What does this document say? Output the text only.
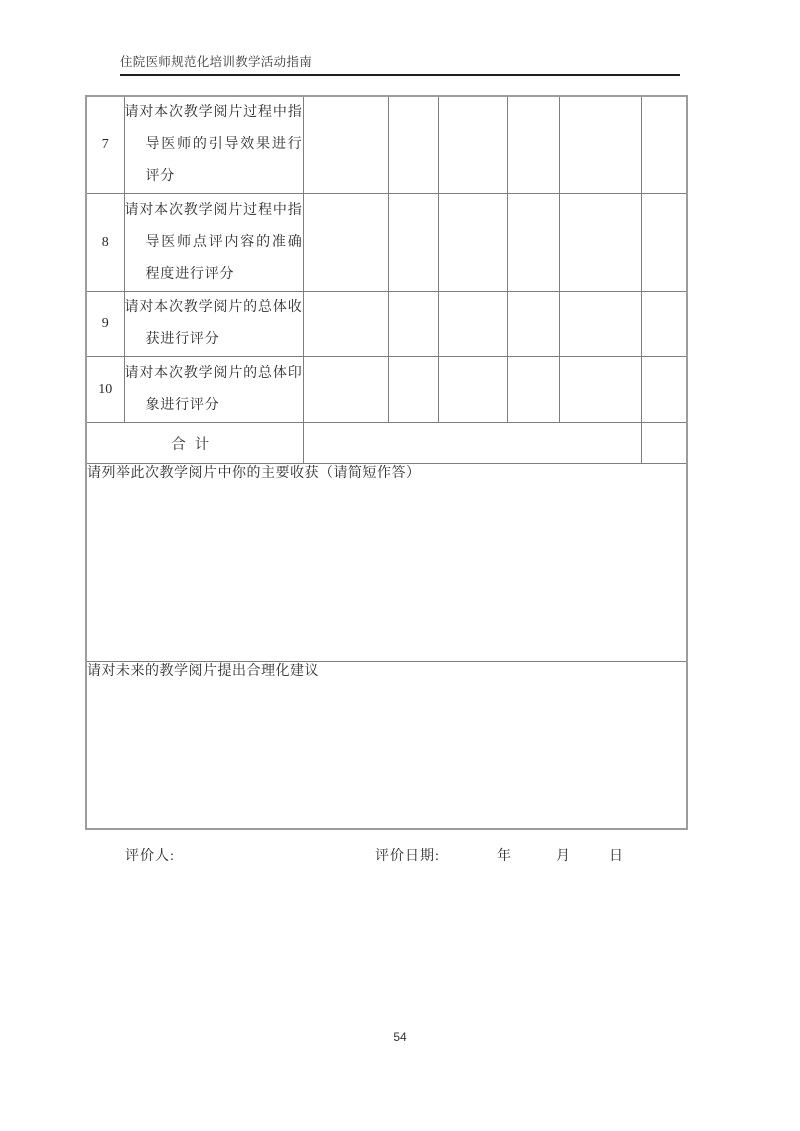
住院医师规范化培训教学活动指南
7	请对本次教学阅片过程中指导医师的引导效果进行评分						

8	请对本次教学阅片过程中指导医师点评内容的准确程度进行评分						

9	请对本次教学阅片的总体收获进行评分						

10	请对本次教学阅片的总体印象进行评分						

合计							
请列举此次教学阅片中你的主要收获（请简短作答）							
请对未来的教学阅片提出合理化建议							
评价人:	评价日期:	年	月	日
54
